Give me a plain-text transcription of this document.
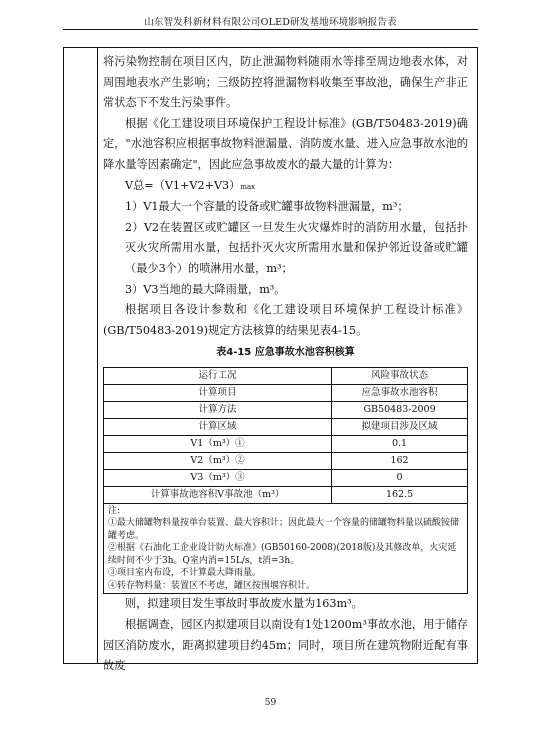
山东智发科新材料有限公司OLED研发基地环境影响报告表

将污染物控制在项目区内，防止泄漏物料随雨水等排至周边地表水体，对周围地表水产生影响；三级防控将泄漏物料收集至事故池，确保生产非正常状态下不发生污染事件。

根据《化工建设项目环境保护工程设计标准》(GB/T50483-2019)确定，"水池容积应根据事故物料泄漏量、消防废水量、进入应急事故水池的降水量等因素确定"，因此应急事故废水的最大量的计算为：

V总=（V1+V2+V3）max

1）V1最大一个容量的设备或贮罐事故物料泄漏量，m³；

2）V2在装置区或贮罐区一旦发生火灾爆炸时的消防用水量，包括扑灭火灾所需用水量，包括扑灭火灾所需用水量和保护邻近设备或贮罐（最少3个）的喷淋用水量，m³；

3）V3当地的最大降雨量，m³。

根据项目各设计参数和《化工建设项目环境保护工程设计标准》(GB/T50483-2019)规定方法核算的结果见表4-15。

表4-15 应急事故水池容积核算
运行工况	风险事故状态
计算项目	应急事故水池容积
计算方法	GB50483-2009
计算区域	拟建项目涉及区域
V1（m³）①	0.1
V2（m³）②	162
V3（m³）③	0
计算事故池容积V事故池（m³）	162.5
注:
①最大储罐物料量按单台装置、最大容积计；因此最大一个容量的储罐物料量以硫酸铵储罐考虑。
②根据《石油化工企业设计防火标准》(GB50160-2008)(2018版)及其修改单，火灾延续时间不少于3h。Q室内消=15L/s，t消=3h。
③项目室内布设，不计算最大降雨量。
④转存物料量：装置区不考虑，罐区按围堰容积计。

则，拟建项目发生事故时事故废水量为163m³。

根据调查，园区内拟建项目以南设有1处1200m³事故水池，用于储存园区消防废水，距离拟建项目约45m；同时，项目所在建筑物附近配有事故废

59
